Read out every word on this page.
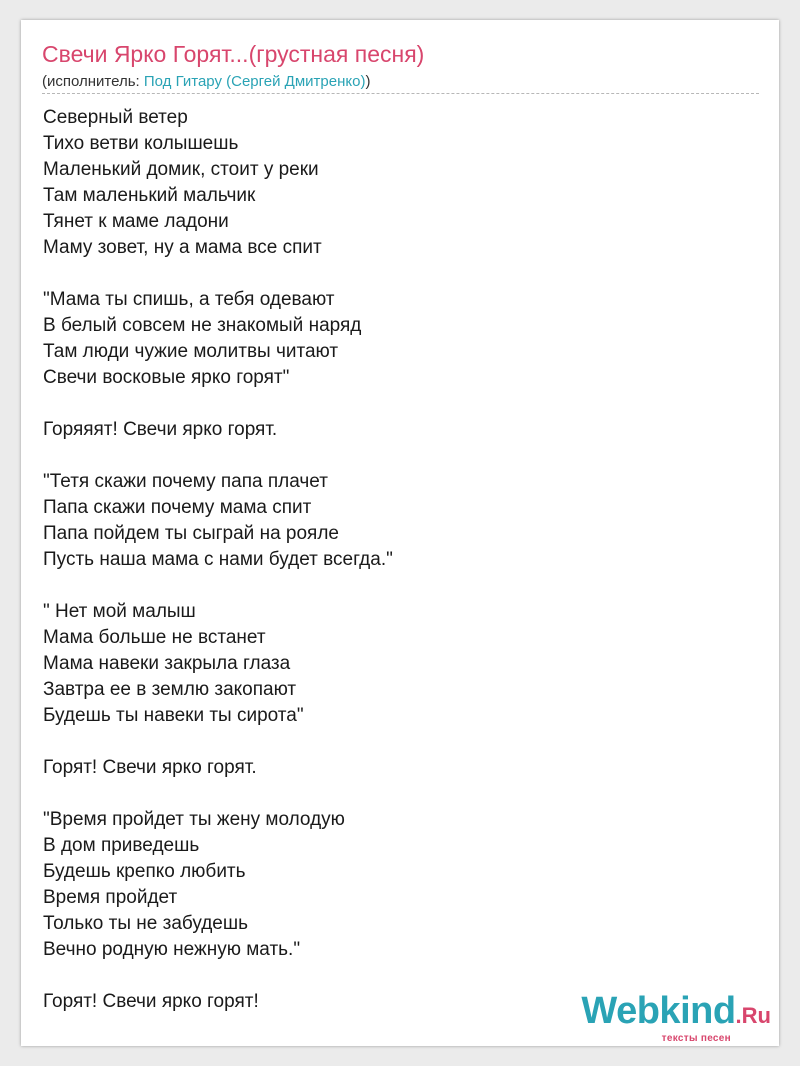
Свечи Ярко Горят...(грустная песня)
(исполнитель: Под Гитару (Сергей Дмитренко))
Северный ветер
Тихо ветви колышешь
Маленький домик, стоит у реки
Там маленький мальчик
Тянет к маме ладони
Маму зовет, ну а мама все спит
"Мама ты спишь, а тебя одевают
В белый совсем не знакомый наряд
Там люди чужие молитвы читают
Свечи восковые ярко горят"
Горяяят! Свечи ярко горят.
"Тетя скажи почему папа плачет
Папа скажи почему мама спит
Папа пойдем ты сыграй на рояле
Пусть наша мама с нами будет всегда."
" Нет мой малыш
Мама больше не встанет
Мама навеки закрыла глаза
Завтра ее в землю закопают
Будешь ты навеки ты сирота"
Горят! Свечи ярко горят.
"Время пройдет ты жену молодую
В дом приведешь
Будешь крепко любить
Время пройдет
Только ты не забудешь
Вечно родную нежную мать."
Горят! Свечи ярко горят!	Webkind.Ru
тексты песен
